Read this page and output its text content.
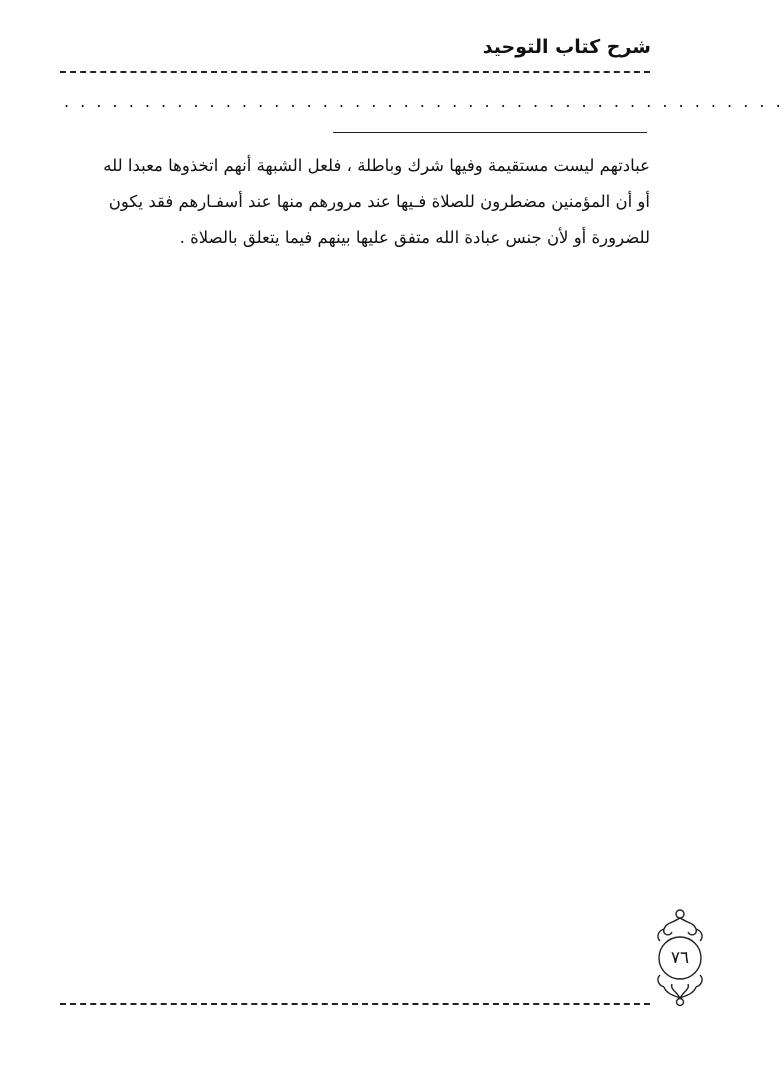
شرح كتاب التوحيد
. . . . . . . . . . . . . . . . . . . . . . . . . . . . . . . . . . . . . . . . . . . . .
عبادتهم ليست مستقيمة وفيها شرك وباطلة ، فلعل الشبهة أنهم اتخذوها معبدا لله
أو أن المؤمنين مضطرون للصلاة فـيها عند مرورهم منها عند أسفـارهم فقد يكون
للضرورة أو لأن جنس عبادة الله متفق عليها بينهم فيما يتعلق بالصلاة .
٧٦
